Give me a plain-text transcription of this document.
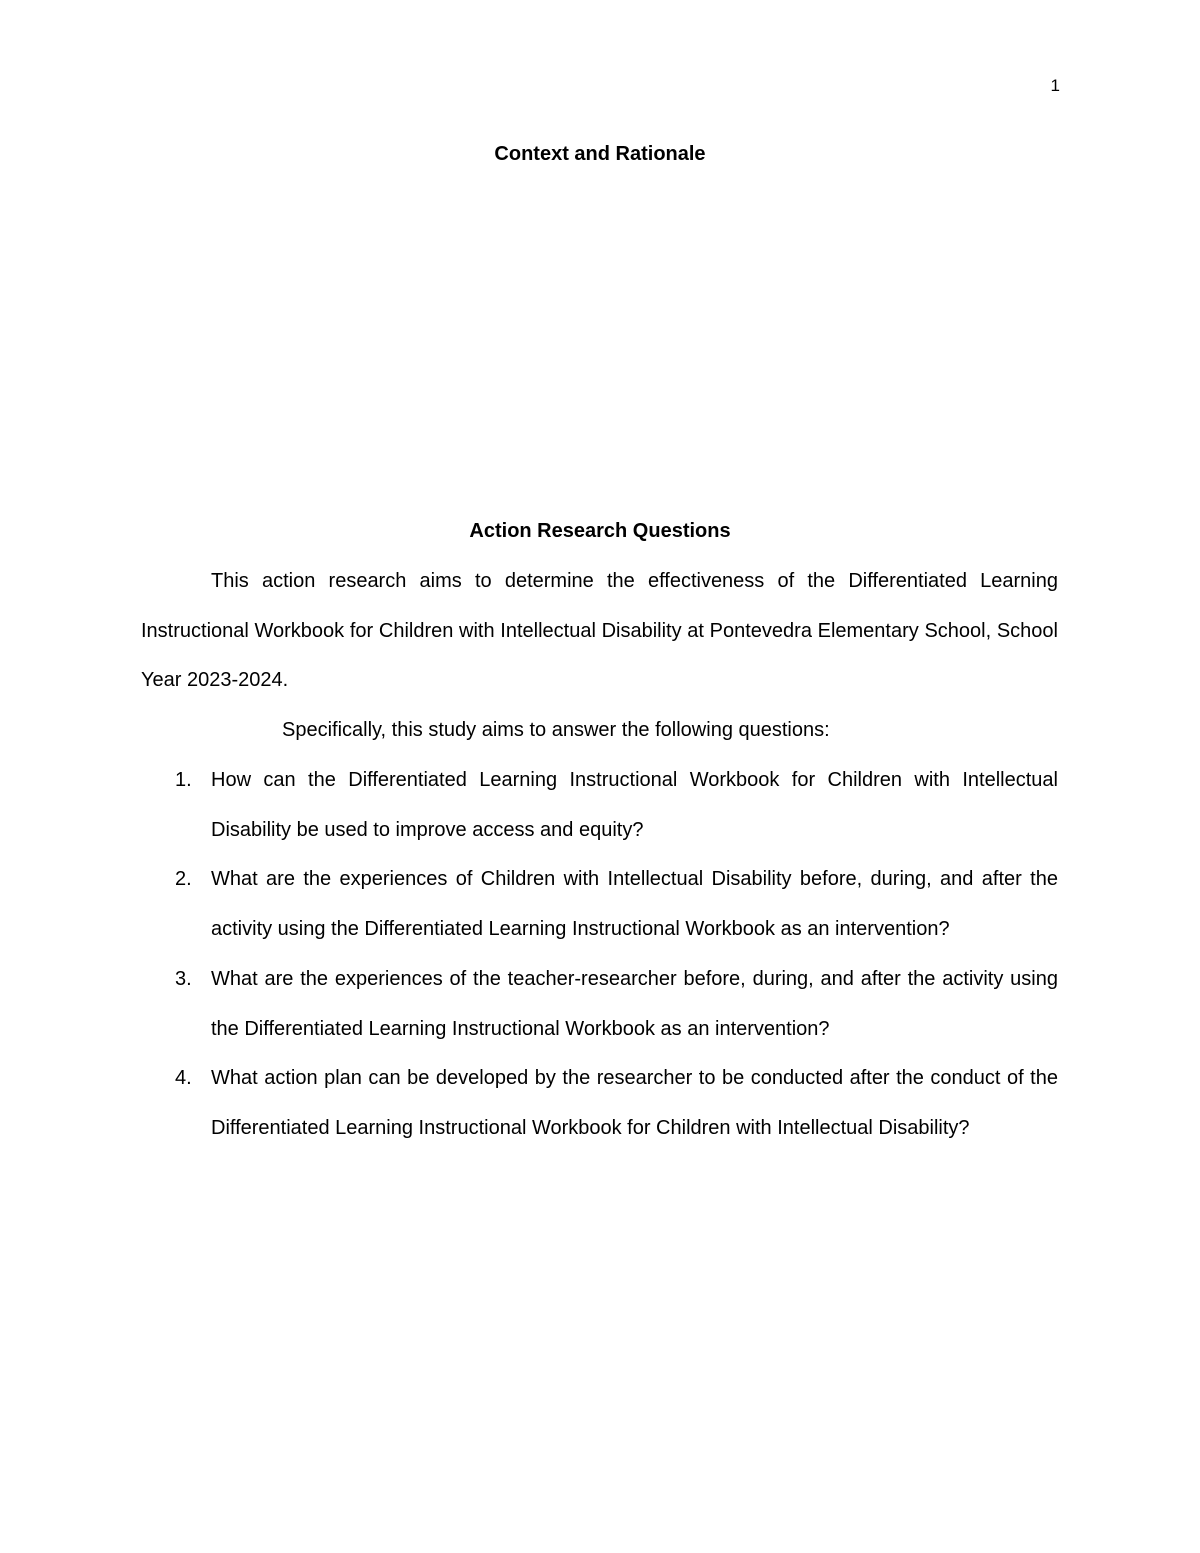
1
Context and Rationale
Action Research Questions

This action research aims to determine the effectiveness of the Differentiated Learning Instructional Workbook for Children with Intellectual Disability at Pontevedra Elementary School, School Year 2023-2024.

Specifically, this study aims to answer the following questions:

1. How can the Differentiated Learning Instructional Workbook for Children with Intellectual Disability be used to improve access and equity?
2. What are the experiences of Children with Intellectual Disability before, during, and after the activity using the Differentiated Learning Instructional Workbook as an intervention?
3. What are the experiences of the teacher-researcher before, during, and after the activity using the Differentiated Learning Instructional Workbook as an intervention?
4. What action plan can be developed by the researcher to be conducted after the conduct of the Differentiated Learning Instructional Workbook for Children with Intellectual Disability?
